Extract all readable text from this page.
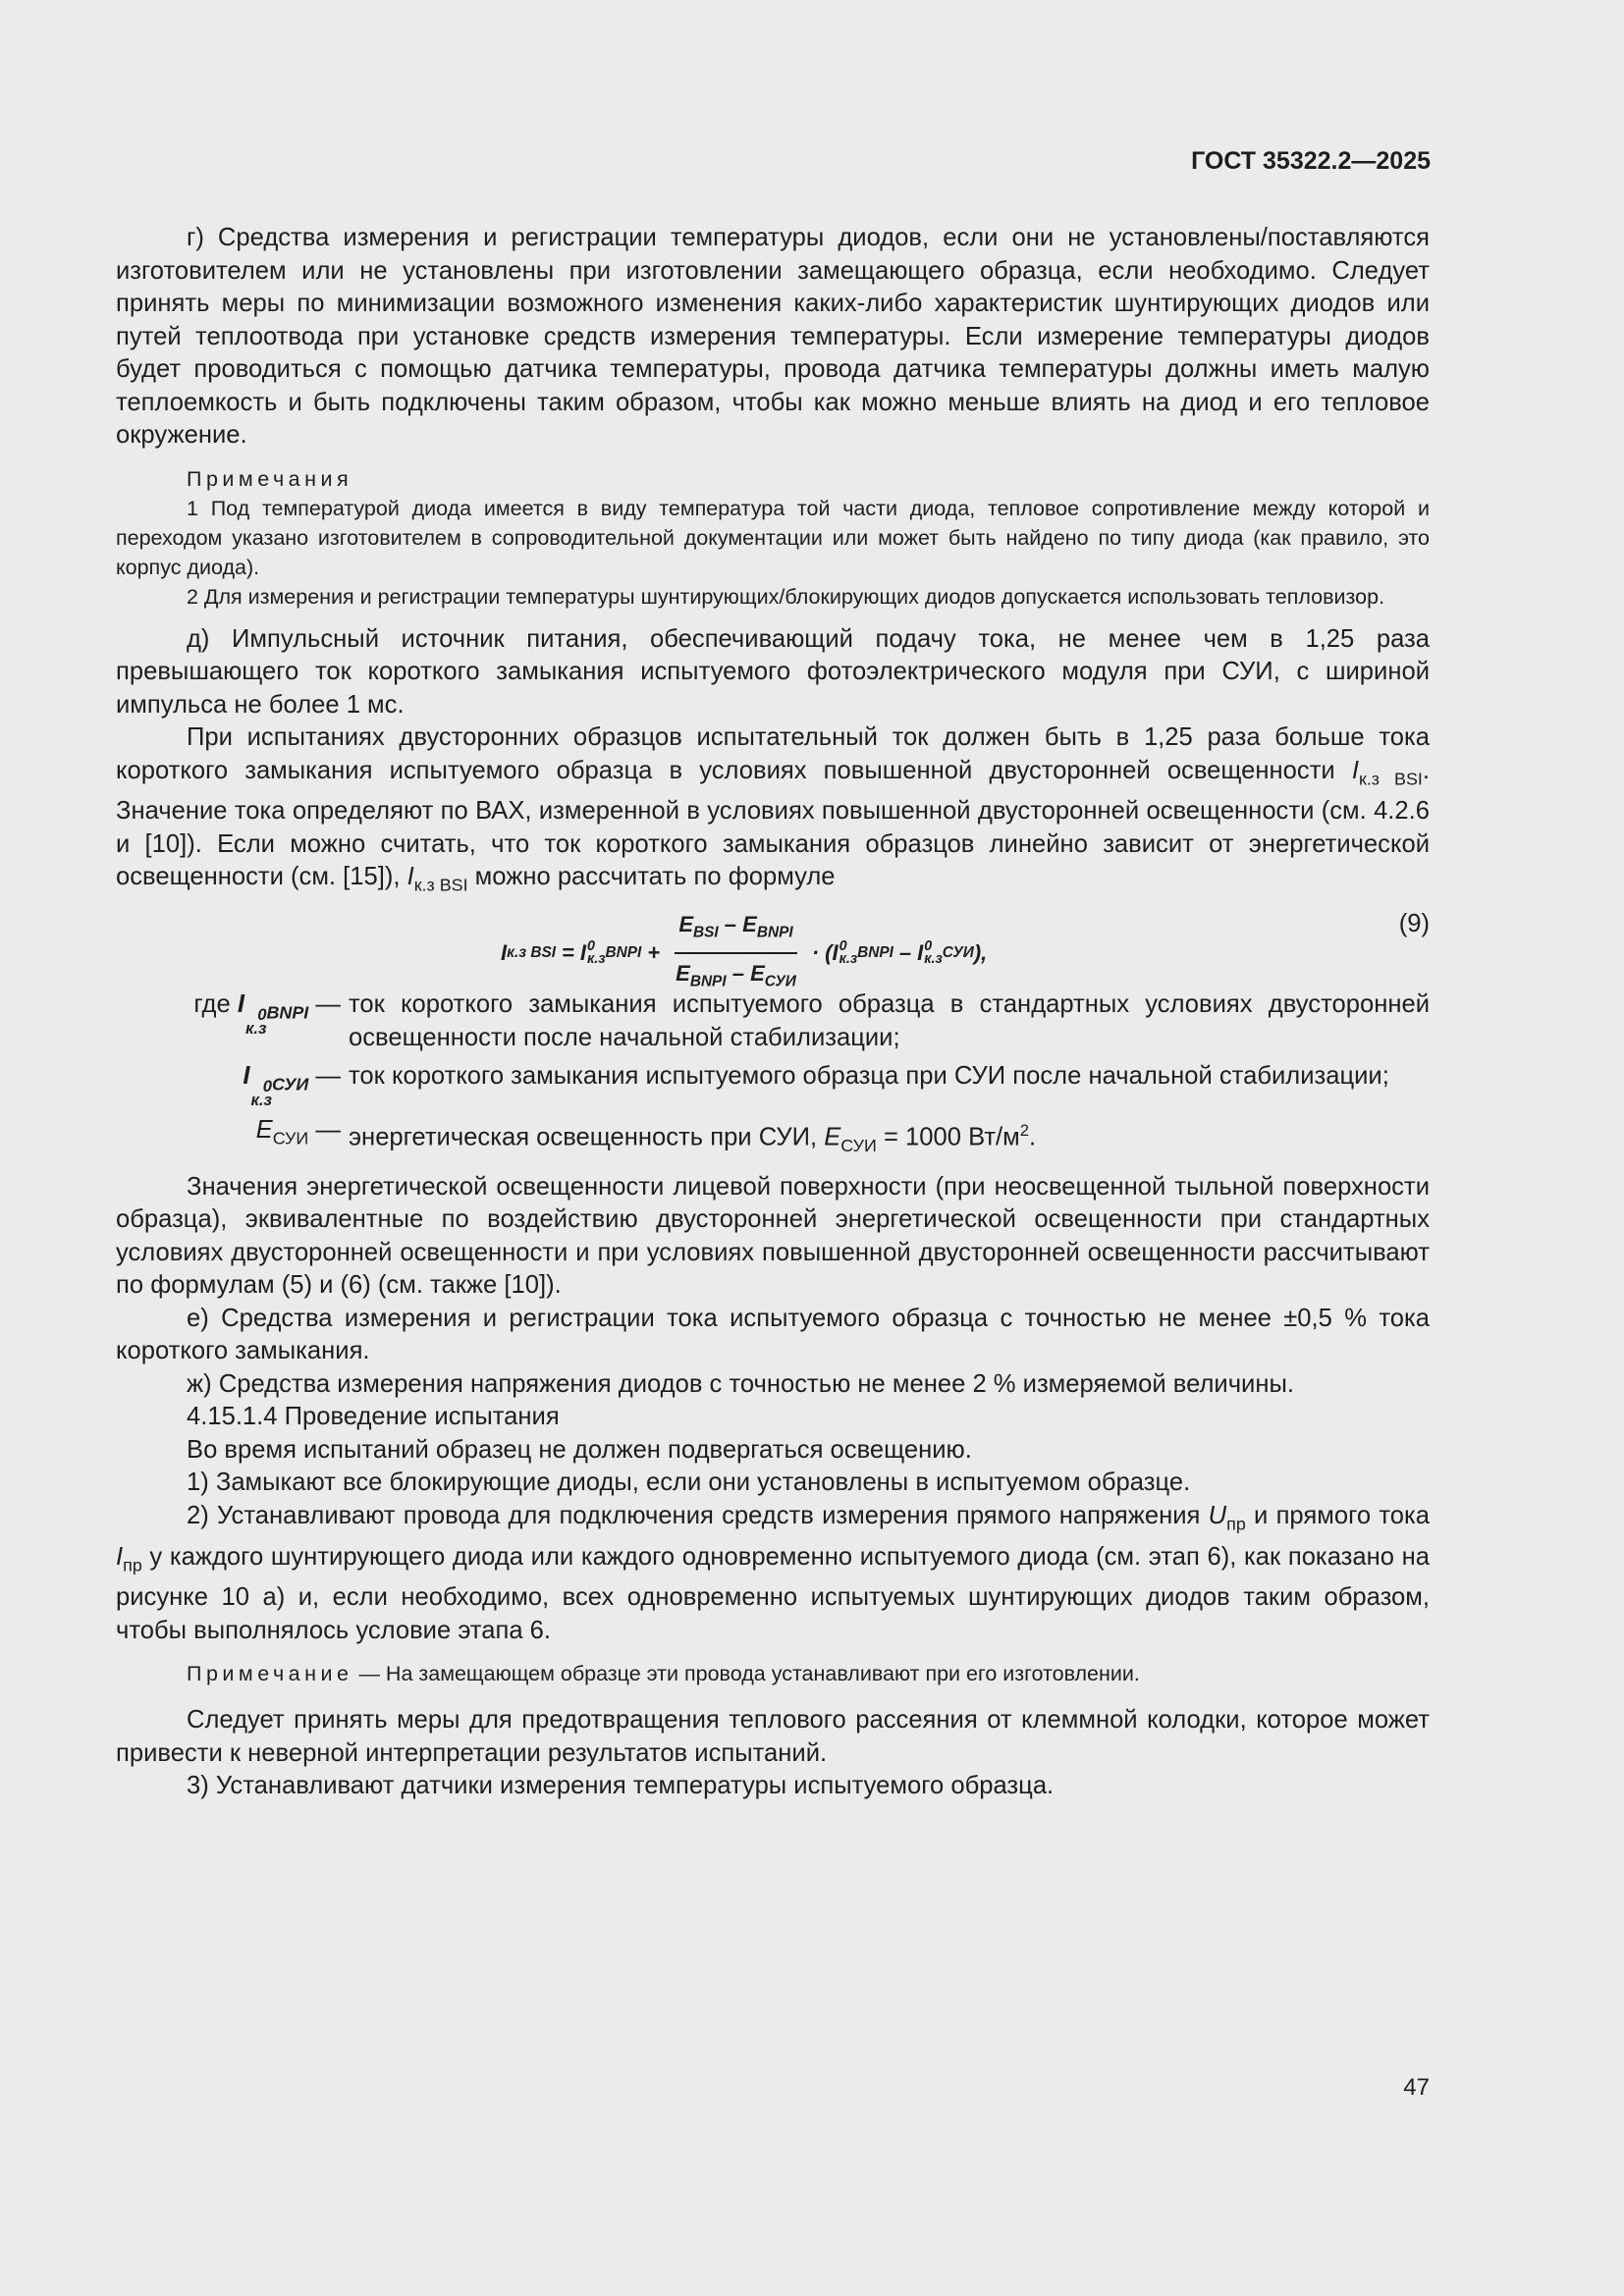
ГОСТ 35322.2—2025

г) Средства измерения и регистрации температуры диодов, если они не установлены/поставляются изготовителем или не установлены при изготовлении замещающего образца, если необходимо. Следует принять меры по минимизации возможного изменения каких-либо характеристик шунтирующих диодов или путей теплоотвода при установке средств измерения температуры. Если измерение температуры диодов будет проводиться с помощью датчика температуры, провода датчика температуры должны иметь малую теплоемкость и быть подключены таким образом, чтобы как можно меньше влиять на диод и его тепловое окружение.

Примечания
1 Под температурой диода имеется в виду температура той части диода, тепловое сопротивление между которой и переходом указано изготовителем в сопроводительной документации или может быть найдено по типу диода (как правило, это корпус диода).
2 Для измерения и регистрации температуры шунтирующих/блокирующих диодов допускается использовать тепловизор.

д) Импульсный источник питания, обеспечивающий подачу тока, не менее чем в 1,25 раза превышающего ток короткого замыкания испытуемого фотоэлектрического модуля при СУИ, с шириной импульса не более 1 мс.

При испытаниях двусторонних образцов испытательный ток должен быть в 1,25 раза больше тока короткого замыкания испытуемого образца в условиях повышенной двусторонней освещенности $I_{к.з BSI}$. Значение тока определяют по ВАХ, измеренной в условиях повышенной двусторонней освещенности (см. 4.2.6 и [10]). Если можно считать, что ток короткого замыкания образцов линейно зависит от энергетической освещенности (см. [15]), $I_{к.з BSI}$ можно рассчитать по формуле

I к.з BSI = I 0
к.з BNPI + $\frac{E_{BSI} - E_{BNPI}}{E_{BNPI} - E_{СУИ}}$ · ( I 0
к.з BNPI – I 0
к.з СУИ ),
(9)
где I 0
к.з
$_{BNPI}$ — ток короткого замыкания испытуемого образца в стандартных условиях двусторонней освещенности после начальной стабилизации;
I 0
к.з
$_{СУИ}$ — ток короткого замыкания испытуемого образца при СУИ после начальной стабилизации;
$E_{СУИ}$ — энергетическая освещенность при СУИ, $E_{СУИ} = 1000$ $Вт/м^2$.

Значения энергетической освещенности лицевой поверхности (при неосвещенной тыльной поверхности образца), эквивалентные по воздействию двусторонней энергетической освещенности при стандартных условиях двусторонней освещенности и при условиях повышенной двусторонней освещенности рассчитывают по формулам (5) и (6) (см. также [10]).

е) Средства измерения и регистрации тока испытуемого образца с точностью не менее ±0,5 % тока короткого замыкания.

ж) Средства измерения напряжения диодов с точностью не менее 2 % измеряемой величины.

4.15.1.4 Проведение испытания

Во время испытаний образец не должен подвергаться освещению.

1) Замыкают все блокирующие диоды, если они установлены в испытуемом образце.

2) Устанавливают провода для подключения средств измерения прямого напряжения $U_{пр}$ и прямого тока $I_{пр}$ у каждого шунтирующего диода или каждого одновременно испытуемого диода (см. этап 6), как показано на рисунке 10 а) и, если необходимо, всех одновременно испытуемых шунтирующих диодов таким образом, чтобы выполнялось условие этапа 6.

Примечание — На замещающем образце эти провода устанавливают при его изготовлении.

Следует принять меры для предотвращения теплового рассеяния от клеммной колодки, которое может привести к неверной интерпретации результатов испытаний.

3) Устанавливают датчики измерения температуры испытуемого образца.

47
